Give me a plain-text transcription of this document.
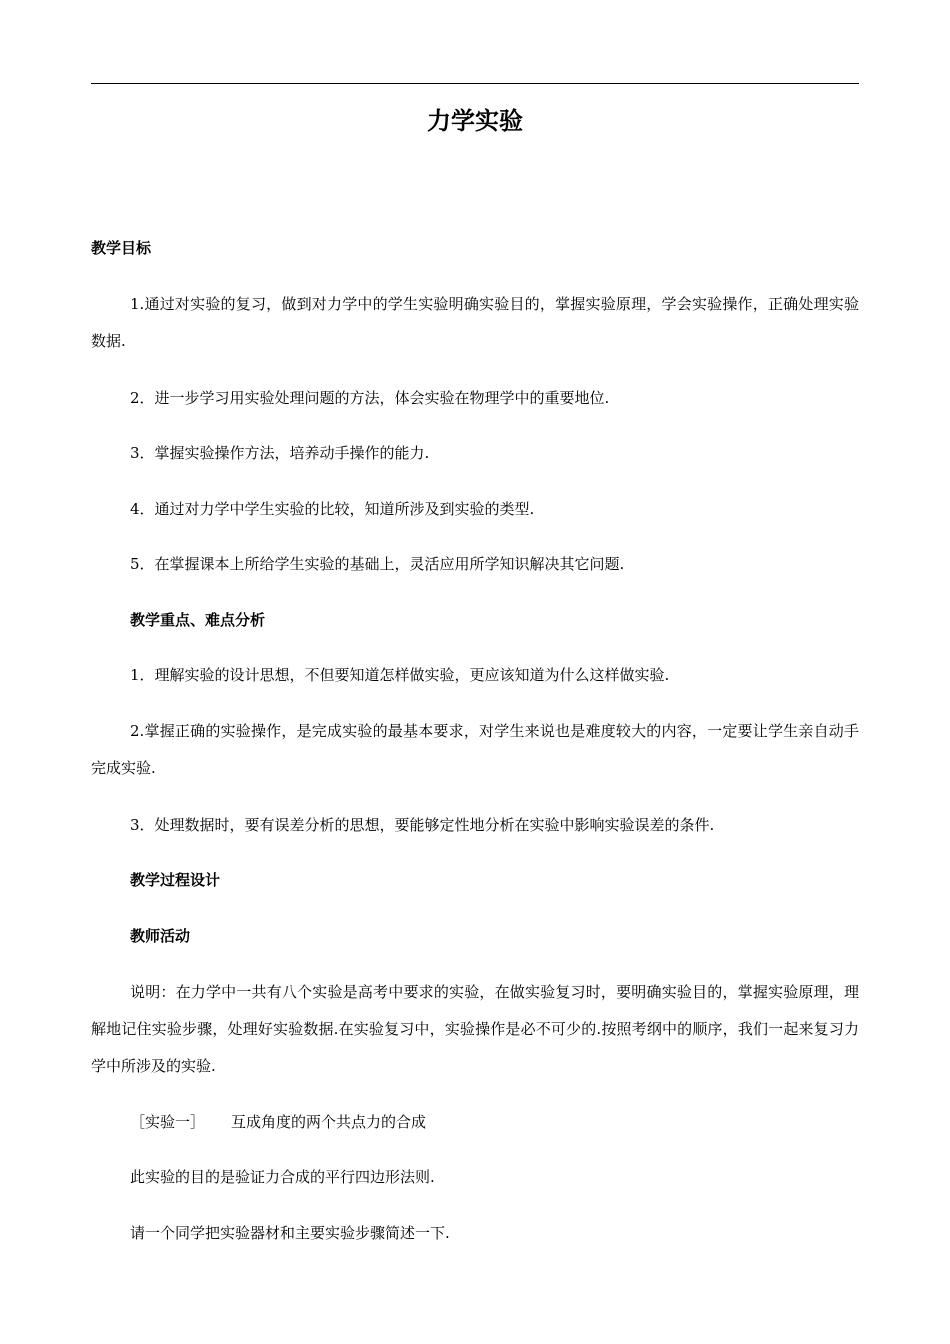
力学实验
教学目标
1.通过对实验的复习，做到对力学中的学生实验明确实验目的，掌握实验原理，学会实验操作，正确处理实验数据.
2．进一步学习用实验处理问题的方法，体会实验在物理学中的重要地位.
3．掌握实验操作方法，培养动手操作的能力.
4．通过对力学中学生实验的比较，知道所涉及到实验的类型.
5．在掌握课本上所给学生实验的基础上，灵活应用所学知识解决其它问题.
教学重点、难点分析
1．理解实验的设计思想，不但要知道怎样做实验，更应该知道为什么这样做实验.
2.掌握正确的实验操作，是完成实验的最基本要求，对学生来说也是难度较大的内容，一定要让学生亲自动手完成实验.
3．处理数据时，要有误差分析的思想，要能够定性地分析在实验中影响实验误差的条件.
教学过程设计
教师活动
说明：在力学中一共有八个实验是高考中要求的实验，在做实验复习时，要明确实验目的，掌握实验原理，理解地记住实验步骤，处理好实验数据.在实验复习中，实验操作是必不可少的.按照考纲中的顺序，我们一起来复习力学中所涉及的实验.
［实验一］ 互成角度的两个共点力的合成
此实验的目的是验证力合成的平行四边形法则.
请一个同学把实验器材和主要实验步骤简述一下.
